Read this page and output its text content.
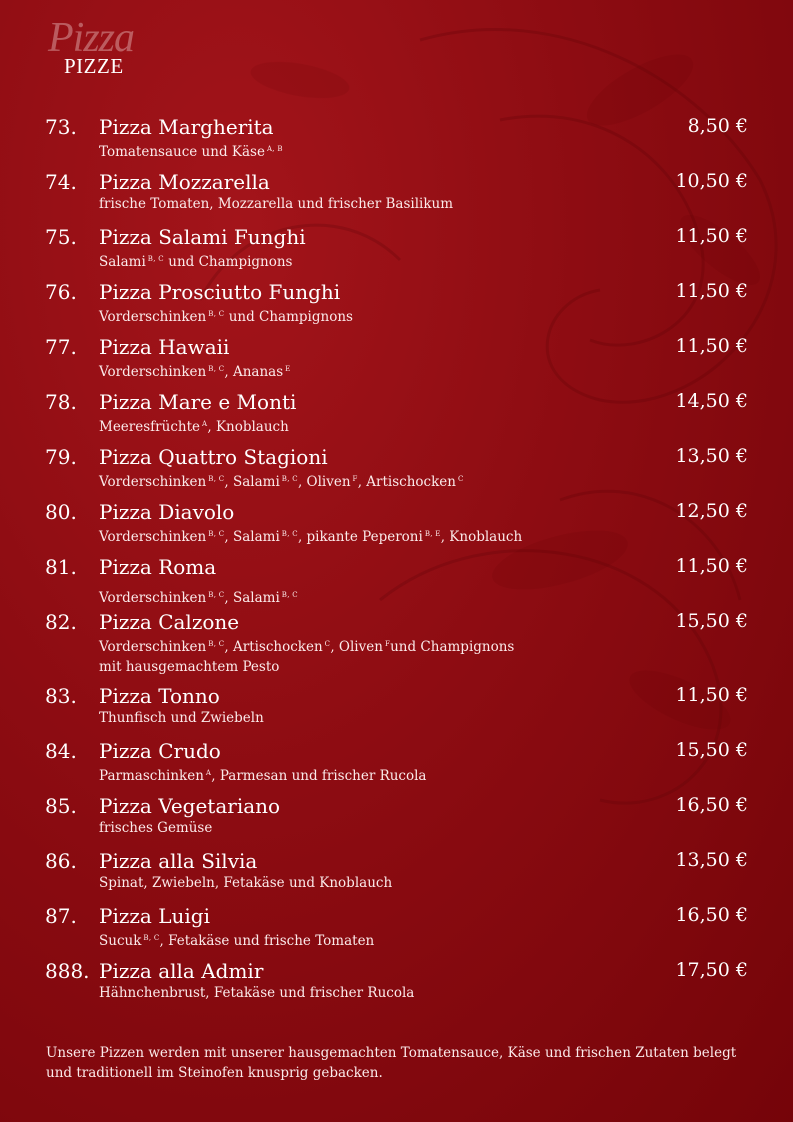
Pizza
PIZZE
73. Pizza Margherita	8,50 €
Tomatensauce und Käse $^{A, B}$
74. Pizza Mozzarella	10,50 €
frische Tomaten, Mozzarella und frischer Basilikum
75. Pizza Salami Funghi	11,50 €
Salami $^{B, C}$ und Champignons
76. Pizza Prosciutto Funghi	11,50 €
Vorderschinken $^{B, C}$ und Champignons
77. Pizza Hawaii	11,50 €
Vorderschinken $^{B, C}$, Ananas $^E$
78. Pizza Mare e Monti	14,50 €
Meeresfrüchte $^A$, Knoblauch
79. Pizza Quattro Stagioni	13,50 €
Vorderschinken $^{B, C}$, Salami $^{B, C}$, Oliven $^F$, Artischocken $^C$
80. Pizza Diavolo	12,50 €
Vorderschinken $^{B, C}$, Salami $^{B, C}$, pikante Peperoni $^{B, E}$, Knoblauch
81. Pizza Roma	11,50 €
Vorderschinken $^{B, C}$, Salami $^{B, C}$
82. Pizza Calzone	15,50 €
Vorderschinken $^{B, C}$, Artischocken $^C$, Oliven $^F$und Champignons
mit hausgemachtem Pesto
83. Pizza Tonno	11,50 €
Thunfisch und Zwiebeln
84. Pizza Crudo	15,50 €
Parmaschinken $^A$, Parmesan und frischer Rucola
85. Pizza Vegetariano	16,50 €
frisches Gemüse
86. Pizza alla Silvia	13,50 €
Spinat, Zwiebeln, Fetakäse und Knoblauch
87. Pizza Luigi	16,50 €
Sucuk $^{B, C}$, Fetakäse und frische Tomaten
888. Pizza alla Admir	17,50 €
Hähnchenbrust, Fetakäse und frischer Rucola
Unsere Pizzen werden mit unserer hausgemachten Tomatensauce, Käse und frischen Zutaten belegt und traditionell im Steinofen knusprig gebacken.
